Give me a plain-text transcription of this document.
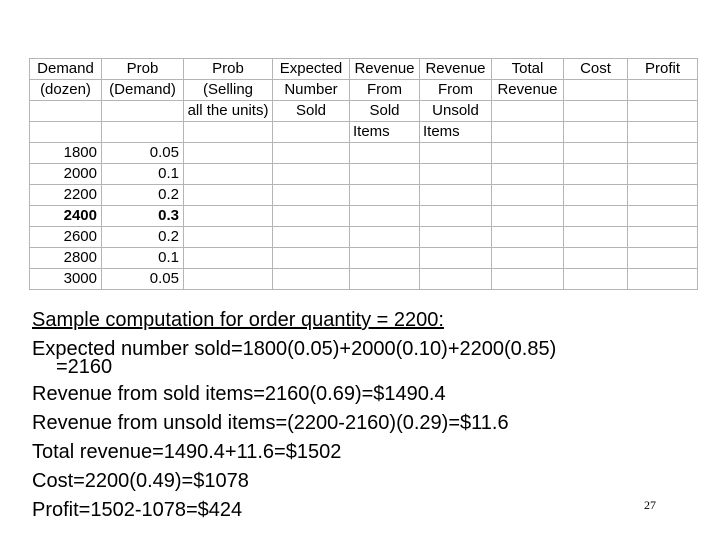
Demand	Prob	Prob	Expected	Revenue	Revenue	Total	Cost	Profit
(dozen)	(Demand)	(Selling	Number	From	From	Revenue		
		all the units)	Sold	Sold	Unsold			
				Items	Items			
1800	0.05							
2000	0.1							
2200	0.2							
2400	0.3							
2600	0.2							
2800	0.1							
3000	0.05							
Sample computation for order quantity = 2200:
Expected number sold=1800(0.05)+2000(0.10)+2200(0.85)
=2160
Revenue from sold items=2160(0.69)=$1490.4
Revenue from unsold items=(2200-2160)(0.29)=$11.6
Total revenue=1490.4+11.6=$1502
Cost=2200(0.49)=$1078
Profit=1502-1078=$424	27
